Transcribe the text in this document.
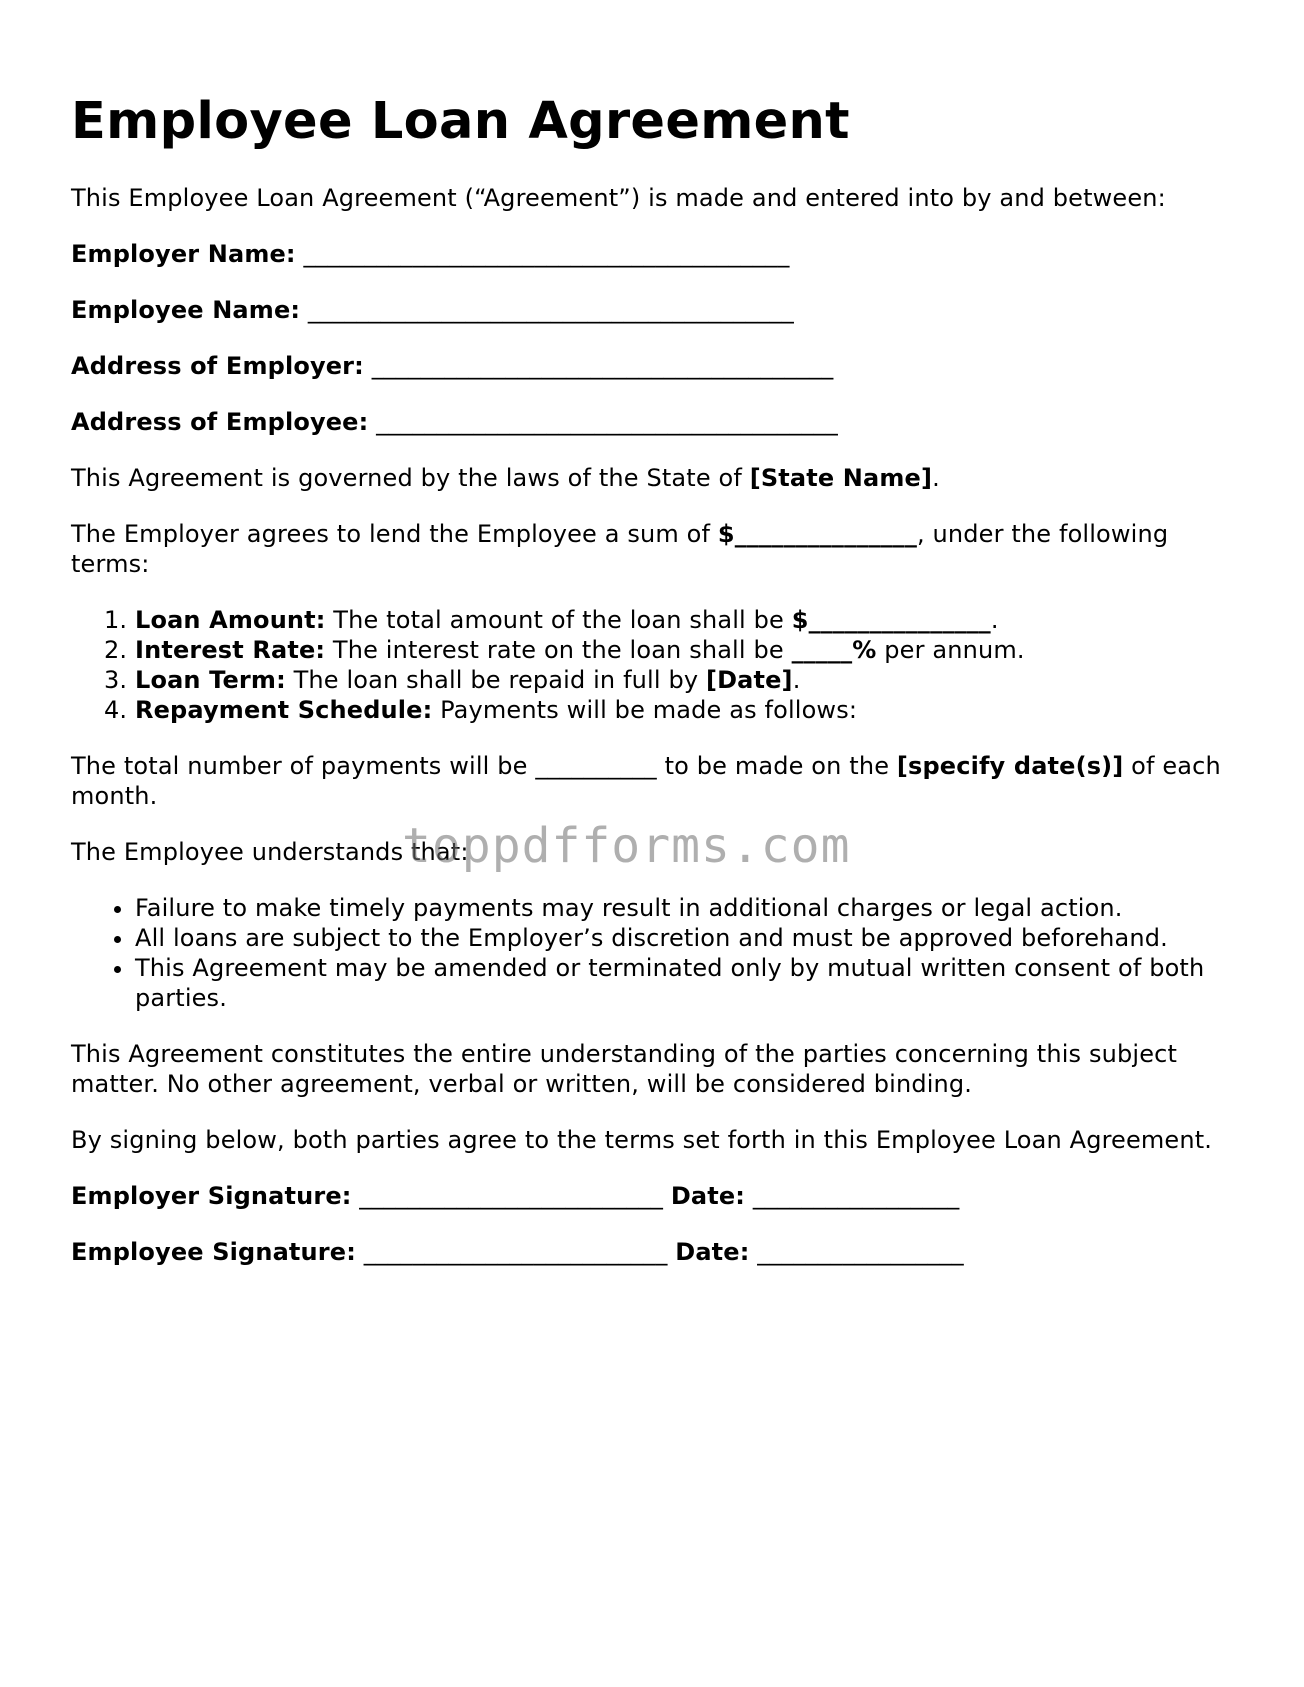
Employee Loan Agreement

This Employee Loan Agreement (“Agreement”) is made and entered into by and between:

Employer Name: ________________________________________

Employee Name: ________________________________________

Address of Employer: ______________________________________

Address of Employee: ______________________________________

This Agreement is governed by the laws of the State of [State Name].

The Employer agrees to lend the Employee a sum of $_______________, under the following terms:

1. Loan Amount: The total amount of the loan shall be $_______________.
2. Interest Rate: The interest rate on the loan shall be _____% per annum.
3. Loan Term: The loan shall be repaid in full by [Date].
4. Repayment Schedule: Payments will be made as follows:

The total number of payments will be __________ to be made on the [specify date(s)] of each month.

The Employee understands that:

• Failure to make timely payments may result in additional charges or legal action.
• All loans are subject to the Employer’s discretion and must be approved beforehand.
• This Agreement may be amended or terminated only by mutual written consent of both parties.

This Agreement constitutes the entire understanding of the parties concerning this subject matter. No other agreement, verbal or written, will be considered binding.

By signing below, both parties agree to the terms set forth in this Employee Loan Agreement.

Employer Signature: _________________________ Date: _________________

Employee Signature: _________________________ Date: _________________

toppdfforms.com
